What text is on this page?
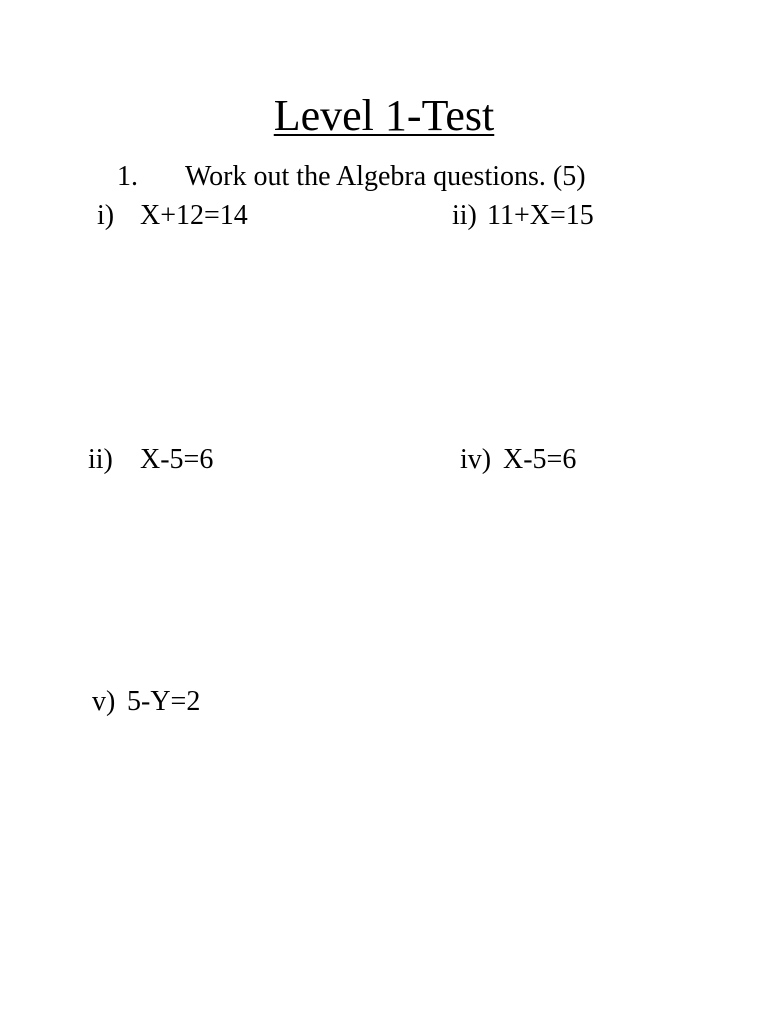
Level 1-Test
1. Work out the Algebra questions. (5)
i) X+12=14	ii) 11+X=15
ii) X-5=6	iv) X-5=6
v) 5-Y=2
